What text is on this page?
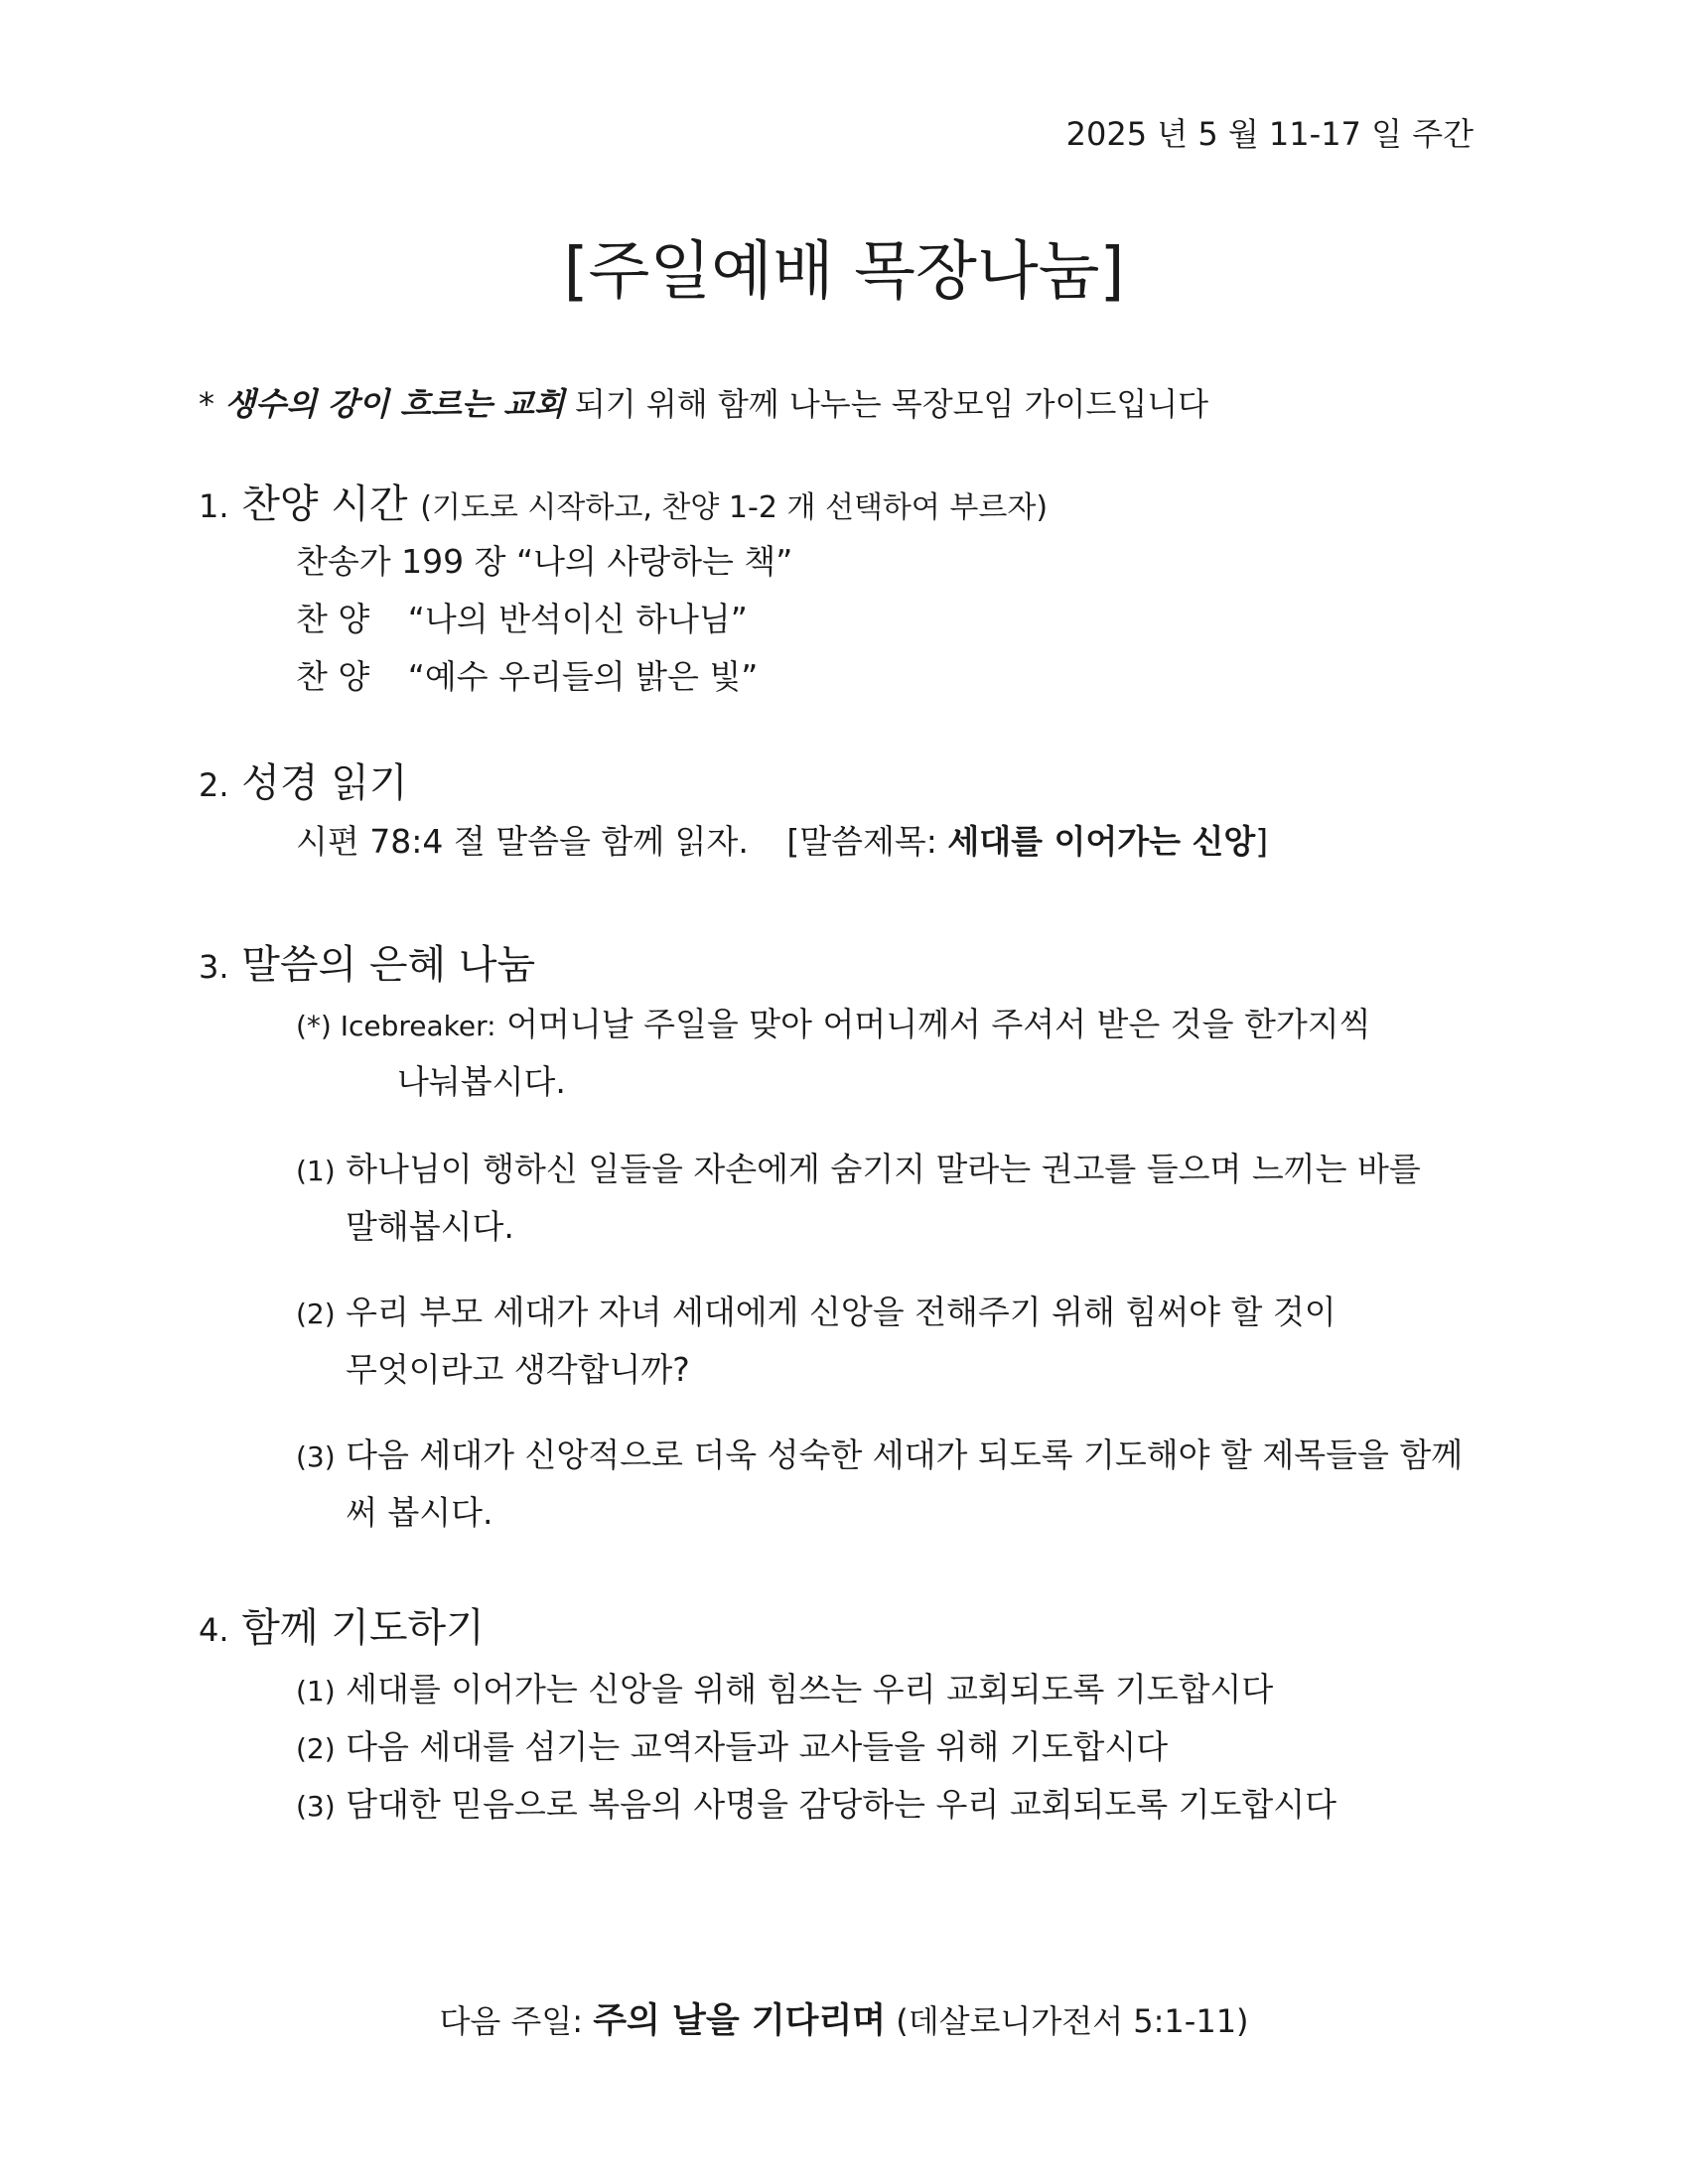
2025 년 5 월 11-17 일 주간
[주일예배 목장나눔]
* 생수의 강이 흐르는 교회 되기 위해 함께 나누는 목장모임 가이드입니다
1. 찬양 시간 (기도로 시작하고, 찬양 1-2 개 선택하여 부르자)
찬송가 199 장 “나의 사랑하는 책”
찬 양 “나의 반석이신 하나님”
찬 양 “예수 우리들의 밝은 빛”
2. 성경 읽기
시편 78:4 절 말씀을 함께 읽자. [말씀제목: 세대를 이어가는 신앙]
3. 말씀의 은혜 나눔
(*) Icebreaker: 어머니날 주일을 맞아 어머니께서 주셔서 받은 것을 한가지씩
나눠봅시다.
(1) 하나님이 행하신 일들을 자손에게 숨기지 말라는 권고를 들으며 느끼는 바를
말해봅시다.
(2) 우리 부모 세대가 자녀 세대에게 신앙을 전해주기 위해 힘써야 할 것이
무엇이라고 생각합니까?
(3) 다음 세대가 신앙적으로 더욱 성숙한 세대가 되도록 기도해야 할 제목들을 함께
써 봅시다.
4. 함께 기도하기
(1) 세대를 이어가는 신앙을 위해 힘쓰는 우리 교회되도록 기도합시다
(2) 다음 세대를 섬기는 교역자들과 교사들을 위해 기도합시다
(3) 담대한 믿음으로 복음의 사명을 감당하는 우리 교회되도록 기도합시다
다음 주일: 주의 날을 기다리며 (데살로니가전서 5:1-11)
